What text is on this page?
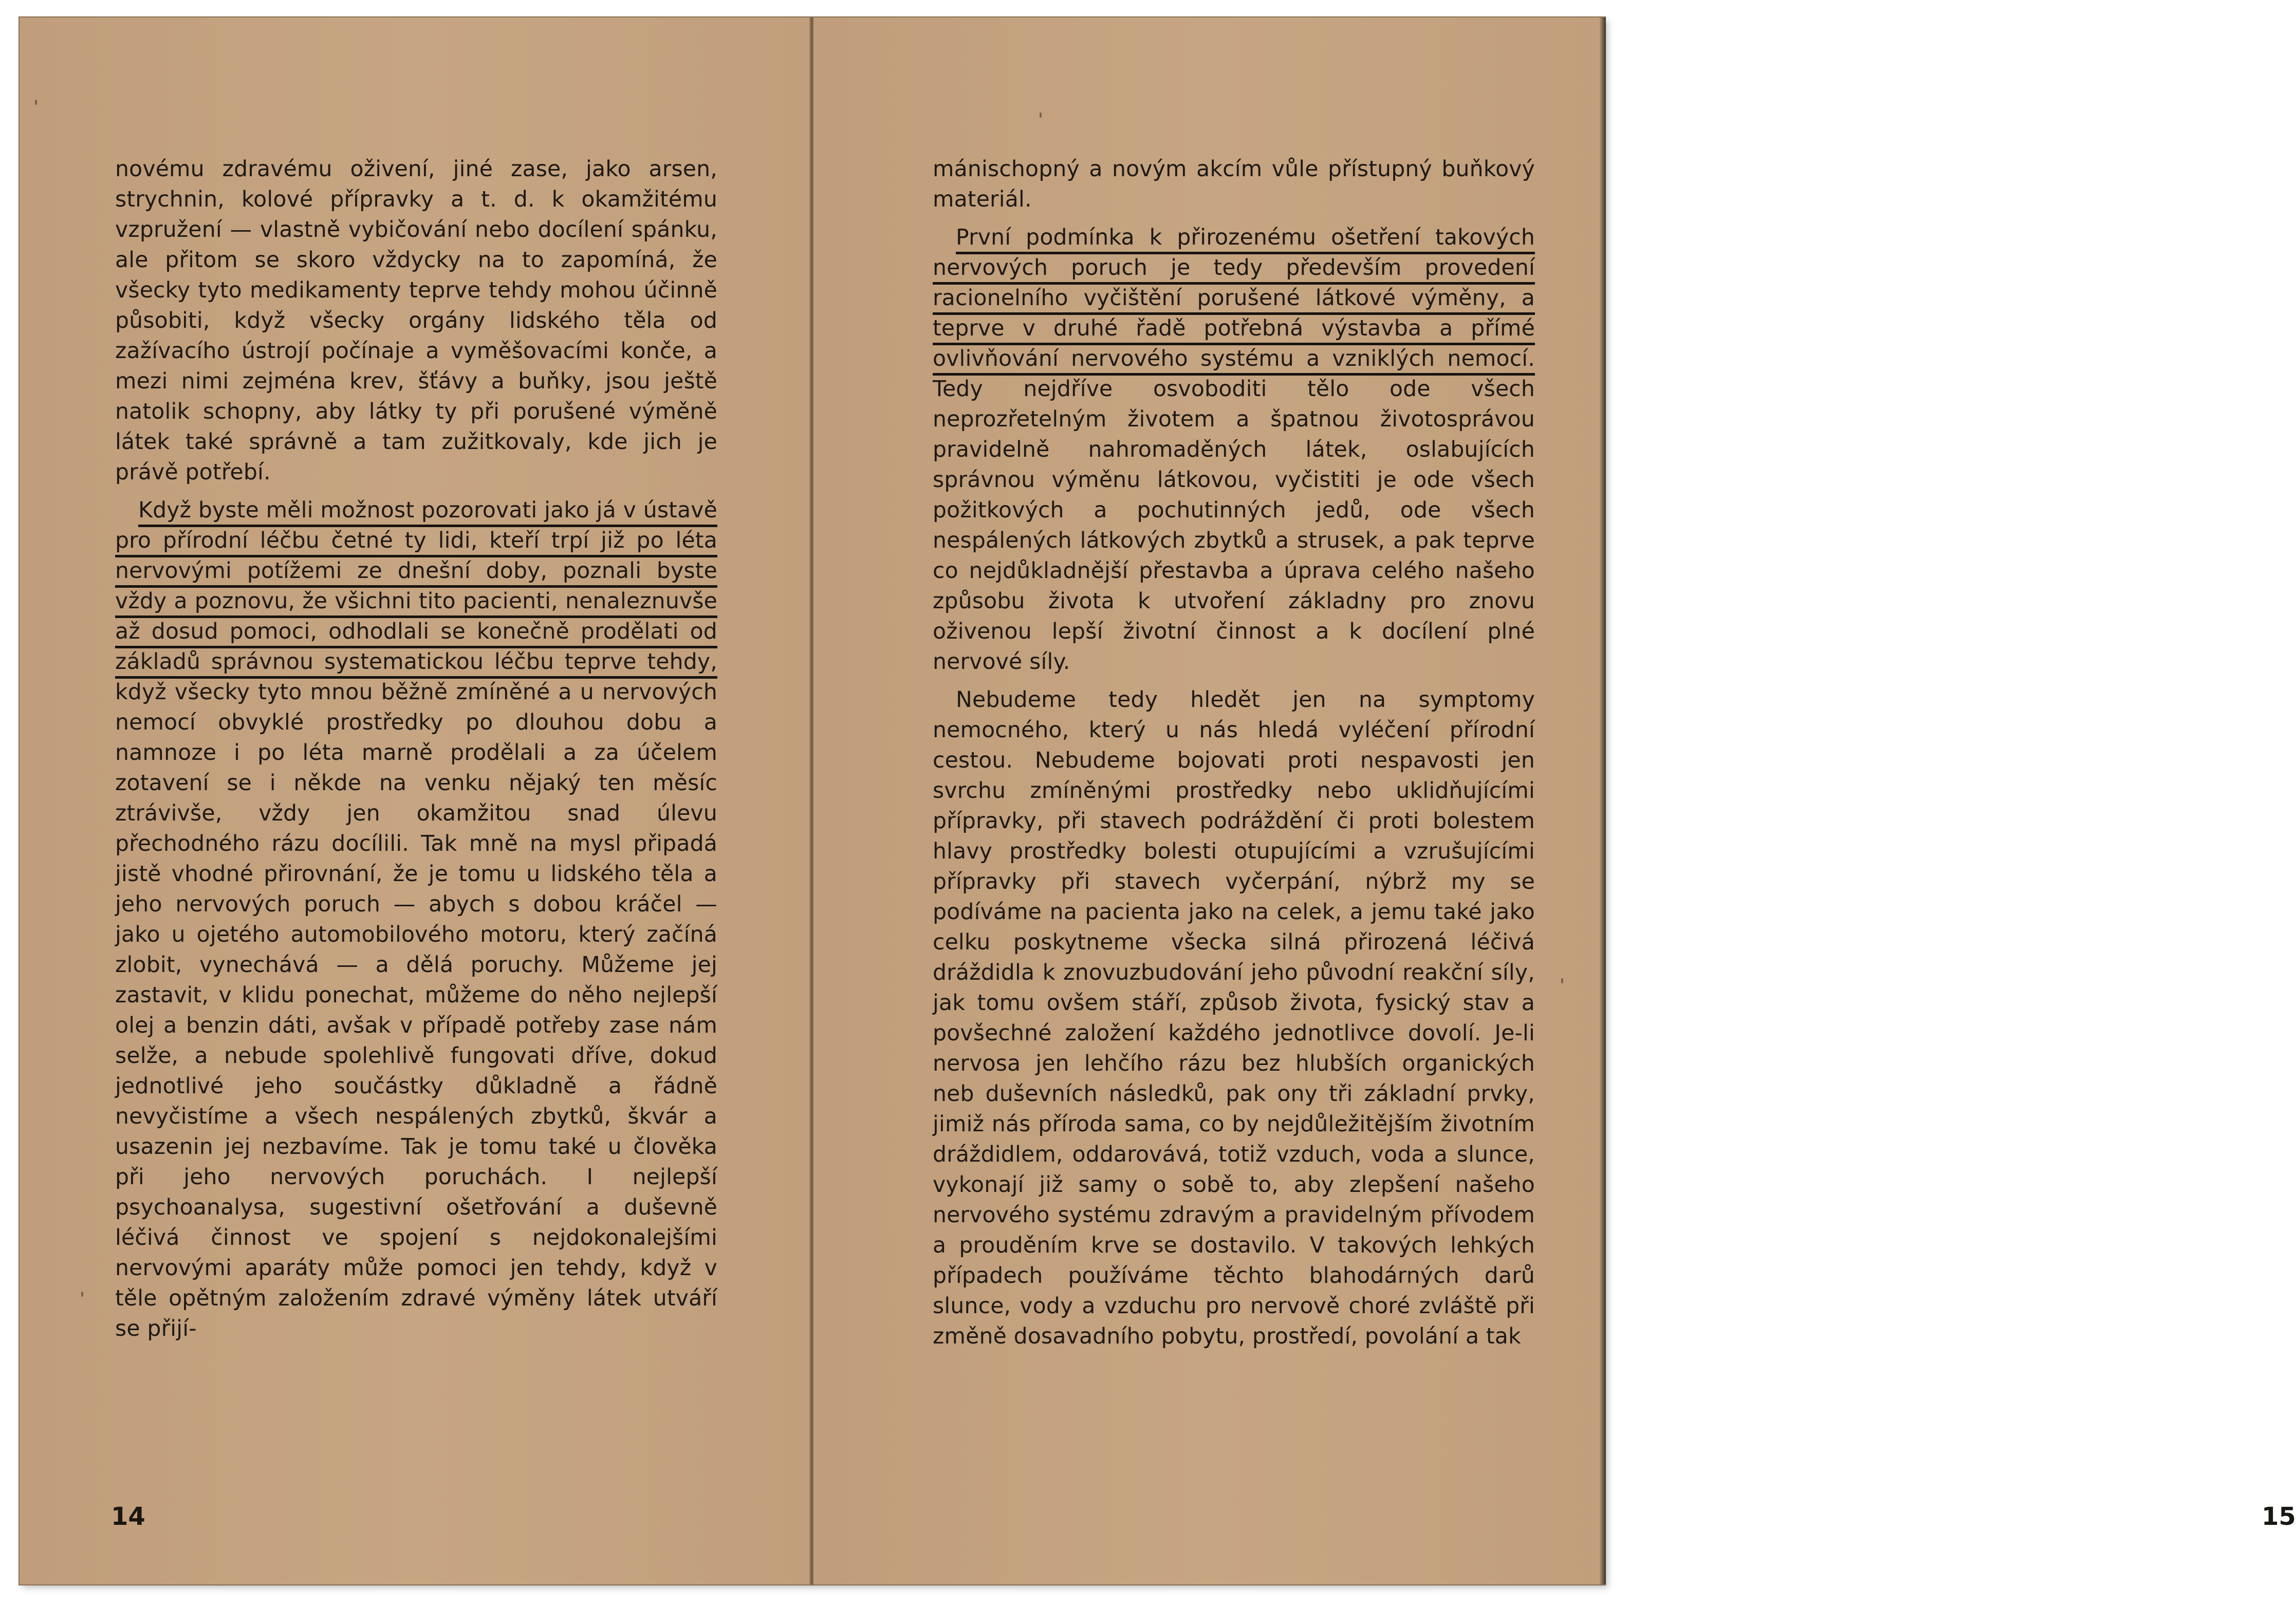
novému zdravému oživení, jiné zase, jako arsen, strychnin, kolové přípravky a t. d. k okamžitému vzpružení — vlastně vybičování nebo docílení spánku, ale přitom se skoro vždycky na to zapomíná, že všecky tyto medikamenty teprve tehdy mohou účinně působiti, když všecky orgány lidského těla od zažívacího ústrojí počínaje a vyměšovacími konče, a mezi nimi zejména krev, šťávy a buňky, jsou ještě natolik schopny, aby látky ty při porušené výměně látek také správně a tam zužitkovaly, kde jich je právě potřebí.

Když byste měli možnost pozorovati jako já v ústavě pro přírodní léčbu četné ty lidi, kteří trpí již po léta nervovými potížemi ze dnešní doby, poznali byste vždy a poznovu, že všichni tito pacienti, nenaleznuvše až dosud pomoci, odhodlali se konečně prodělati od základů správnou systematickou léčbu teprve tehdy, když všecky tyto mnou běžně zmíněné a u nervových nemocí obvyklé prostředky po dlouhou dobu a namnoze i po léta marně prodělali a za účelem zotavení se i někde na venku nějaký ten měsíc ztrávivše, vždy jen okamžitou snad úlevu přechodného rázu docílili. Tak mně na mysl připadá jistě vhodné přirovnání, že je tomu u lidského těla a jeho nervových poruch — abych s dobou kráčel — jako u ojetého automobilového motoru, který začíná zlobit, vynechává — a dělá poruchy. Můžeme jej zastavit, v klidu ponechat, můžeme do něho nejlepší olej a benzin dáti, avšak v případě potřeby zase nám selže, a nebude spolehlivě fungovati dříve, dokud jednotlivé jeho součástky důkladně a řádně nevyčistíme a všech nespálených zbytků, škvár a usazenin jej nezbavíme. Tak je tomu také u člověka při jeho nervových poruchách. I nejlepší psychoanalysa, sugestivní ošetřování a duševně léčivá činnost ve spojení s nejdokonalejšími nervovými aparáty může pomoci jen tehdy, když v těle opětným založením zdravé výměny látek utváří se přijí-

14

mánischopný a novým akcím vůle přístupný buňkový materiál.

První podmínka k přirozenému ošetření takových nervových poruch je tedy především provedení racionelního vyčištění porušené látkové výměny, a teprve v druhé řadě potřebná výstavba a přímé ovlivňování nervového systému a vzniklých nemocí. Tedy nejdříve osvoboditi tělo ode všech neprozřetelným životem a špatnou životosprávou pravidelně nahromaděných látek, oslabujících správnou výměnu látkovou, vyčistiti je ode všech požitkových a pochutinných jedů, ode všech nespálených látkových zbytků a strusek, a pak teprve co nejdůkladnější přestavba a úprava celého našeho způsobu života k utvoření základny pro znovu oživenou lepší životní činnost a k docílení plné nervové síly.

Nebudeme tedy hledět jen na symptomy nemocného, který u nás hledá vyléčení přírodní cestou. Nebudeme bojovati proti nespavosti jen svrchu zmíněnými prostředky nebo uklidňujícími přípravky, při stavech podráždění či proti bolestem hlavy prostředky bolesti otupujícími a vzrušujícími přípravky při stavech vyčerpání, nýbrž my se podíváme na pacienta jako na celek, a jemu také jako celku poskytneme všecka silná přirozená léčivá dráždidla k znovuzbudování jeho původní reakční síly, jak tomu ovšem stáří, způsob života, fysický stav a povšechné založení každého jednotlivce dovolí. Je-li nervosa jen lehčího rázu bez hlubších organických neb duševních následků, pak ony tři základní prvky, jimiž nás příroda sama, co by nejdůležitějším životním dráždidlem, oddarovává, totiž vzduch, voda a slunce, vykonají již samy o sobě to, aby zlepšení našeho nervového systému zdravým a pravidelným přívodem a prouděním krve se dostavilo. V takových lehkých případech používáme těchto blahodárných darů slunce, vody a vzduchu pro nervově choré zvláště při změně dosavadního pobytu, prostředí, povolání a tak

15
